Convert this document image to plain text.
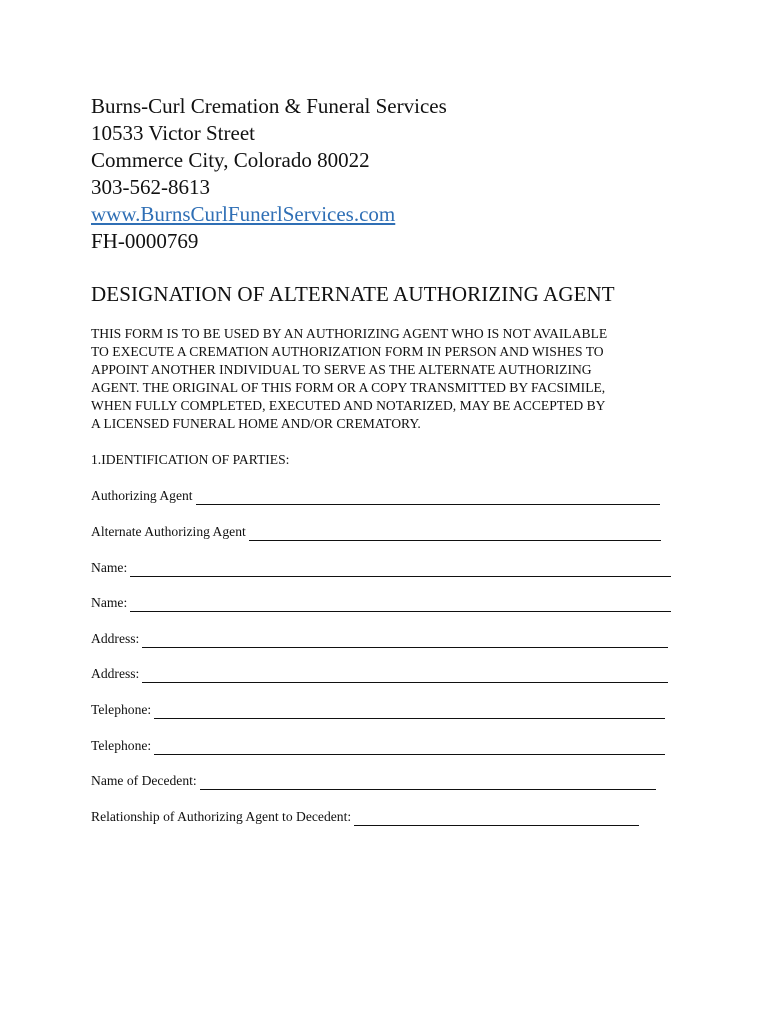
Burns-Curl Cremation & Funeral Services
10533 Victor Street
Commerce City, Colorado 80022
303-562-8613
www.BurnsCurlFunerlServices.com
FH-0000769
DESIGNATION OF ALTERNATE AUTHORIZING AGENT
THIS FORM IS TO BE USED BY AN AUTHORIZING AGENT WHO IS NOT AVAILABLE
TO EXECUTE A CREMATION AUTHORIZATION FORM IN PERSON AND WISHES TO
APPOINT ANOTHER INDIVIDUAL TO SERVE AS THE ALTERNATE AUTHORIZING
AGENT. THE ORIGINAL OF THIS FORM OR A COPY TRANSMITTED BY FACSIMILE,
WHEN FULLY COMPLETED, EXECUTED AND NOTARIZED, MAY BE ACCEPTED BY
A LICENSED FUNERAL HOME AND/OR CREMATORY.
1.IDENTIFICATION OF PARTIES:
Authorizing Agent
Alternate Authorizing Agent
Name:
Name:
Address:
Address:
Telephone:
Telephone:
Name of Decedent:
Relationship of Authorizing Agent to Decedent:
